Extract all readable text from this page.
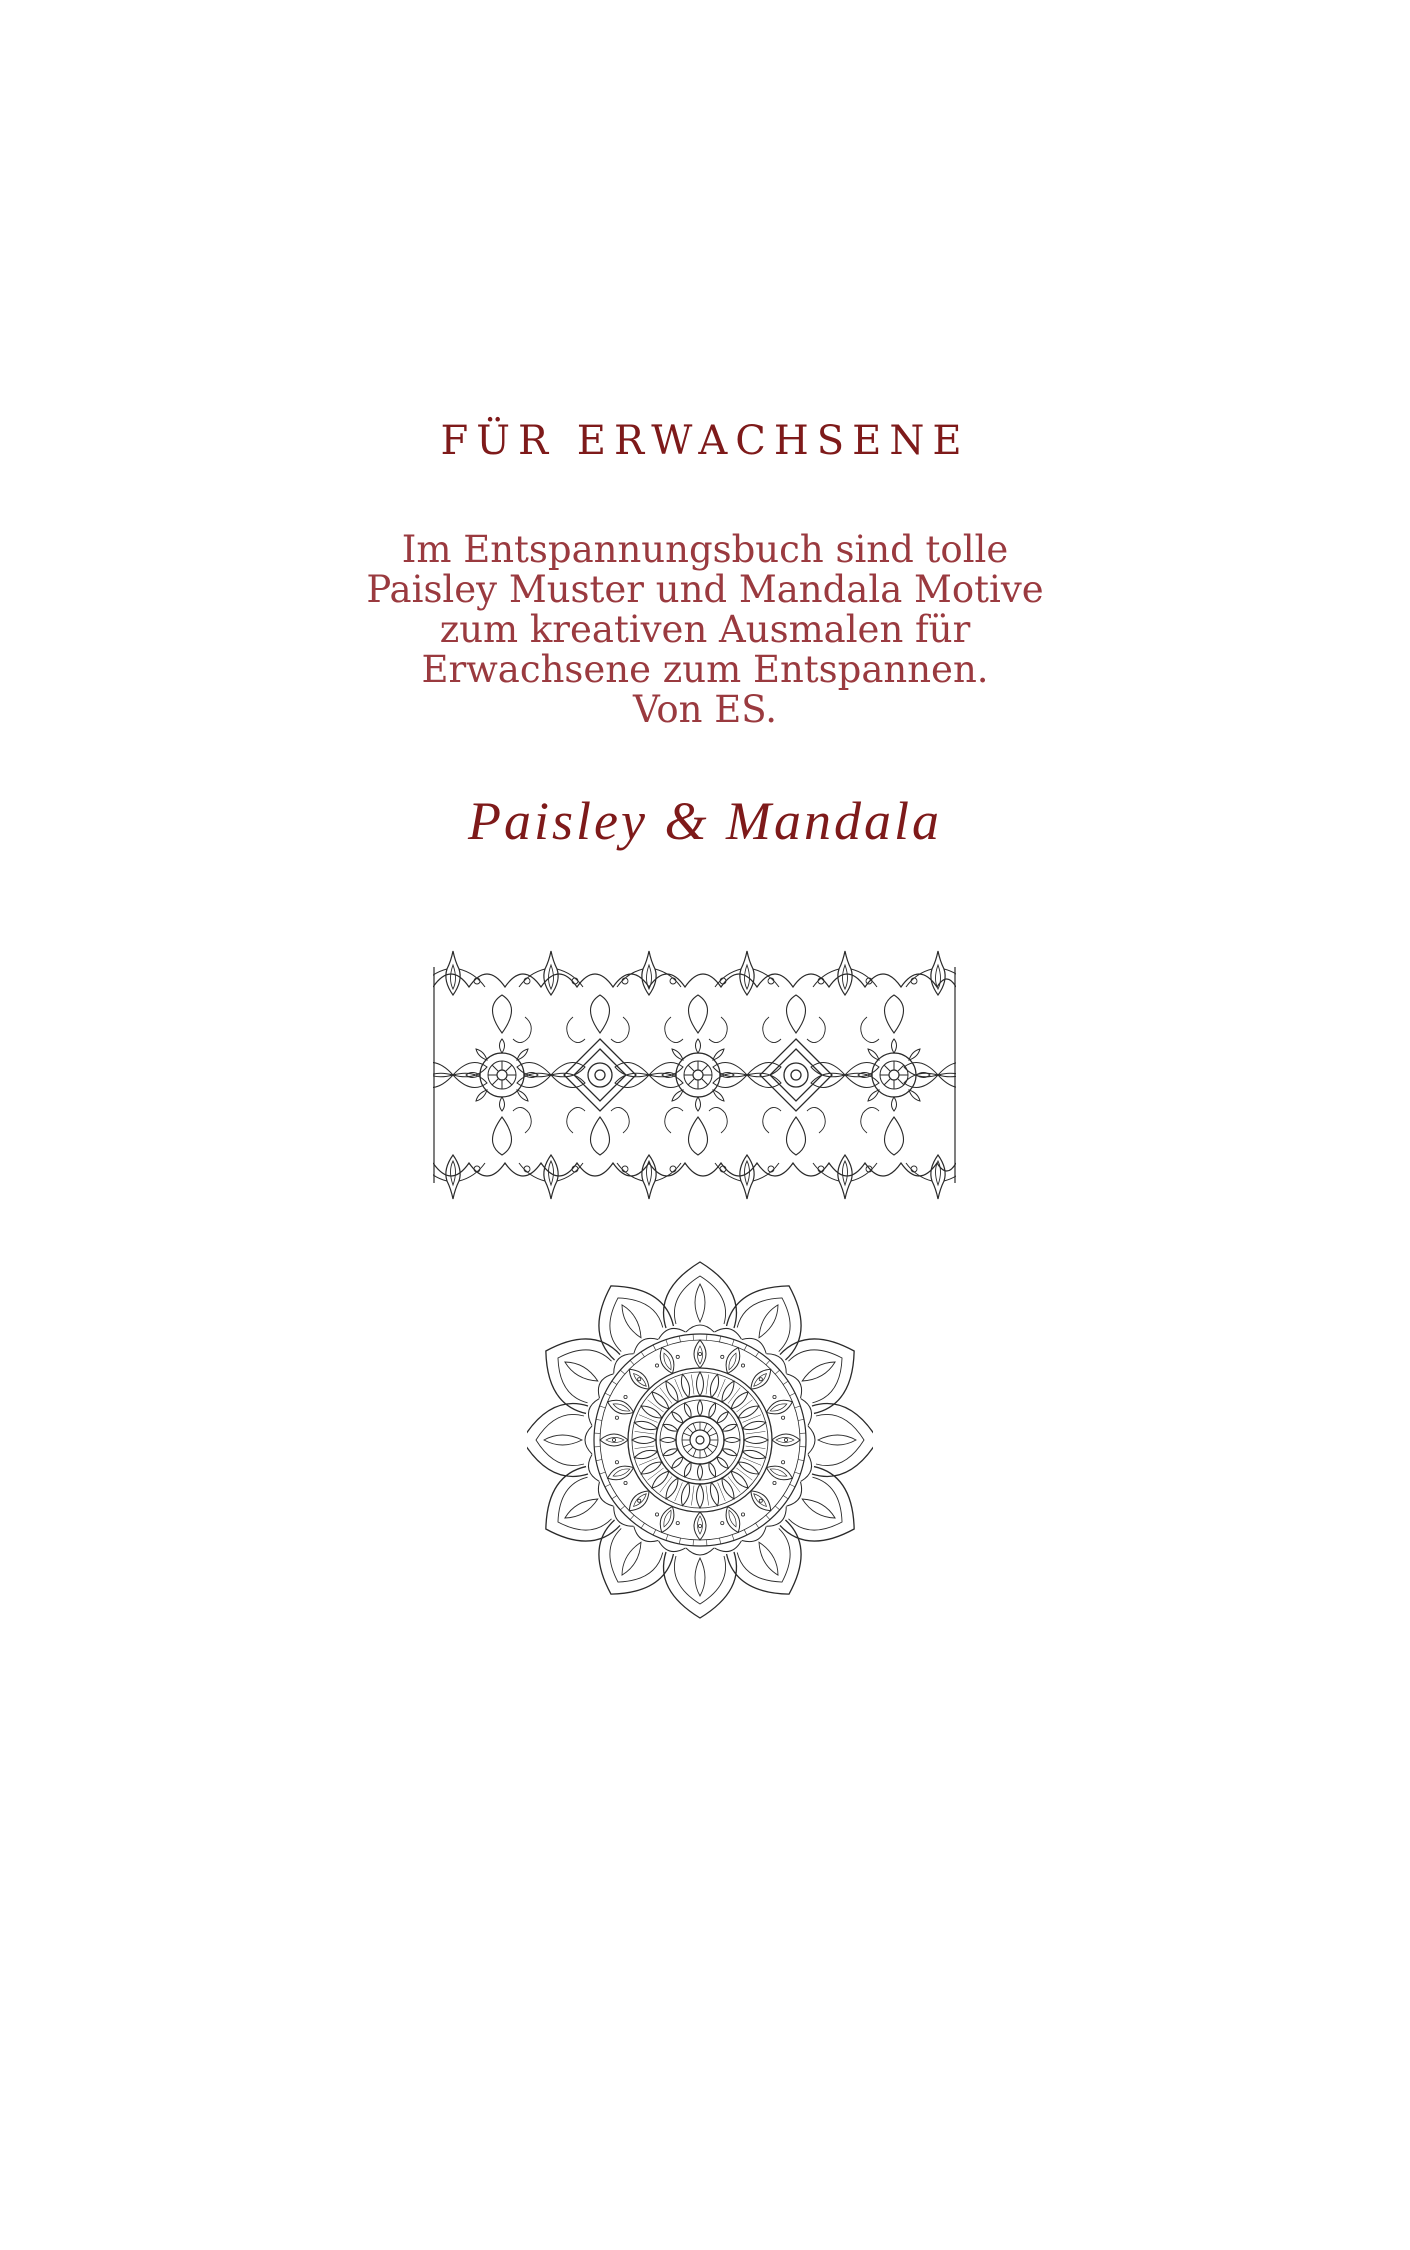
FÜR ERWACHSENE
Im Entspannungsbuch sind tolle
Paisley Muster und Mandala Motive
zum kreativen Ausmalen für
Erwachsene zum Entspannen.
Von ES.
Paisley & Mandala
